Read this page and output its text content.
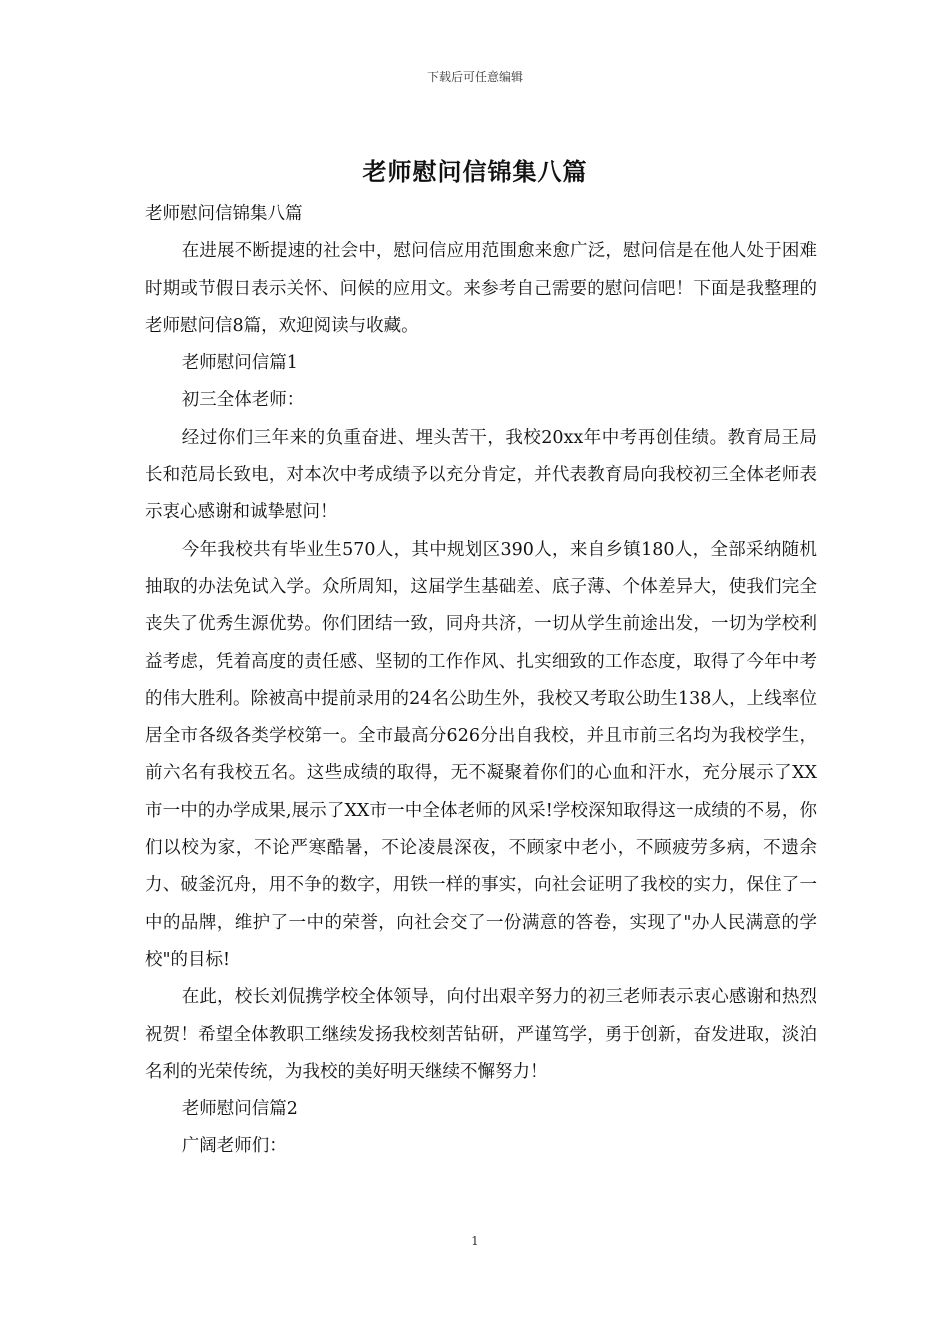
下载后可任意编辑
老师慰问信锦集八篇

老师慰问信锦集八篇

在进展不断提速的社会中，慰问信应用范围愈来愈广泛，慰问信是在他人处于困难时期或节假日表示关怀、问候的应用文。来参考自己需要的慰问信吧！下面是我整理的老师慰问信8篇，欢迎阅读与收藏。

老师慰问信篇1

初三全体老师：

经过你们三年来的负重奋进、埋头苦干，我校20xx年中考再创佳绩。教育局王局长和范局长致电，对本次中考成绩予以充分肯定，并代表教育局向我校初三全体老师表示衷心感谢和诚挚慰问！

今年我校共有毕业生570人，其中规划区390人，来自乡镇180人，全部采纳随机抽取的办法免试入学。众所周知，这届学生基础差、底子薄、个体差异大，使我们完全丧失了优秀生源优势。你们团结一致，同舟共济，一切从学生前途出发，一切为学校利益考虑，凭着高度的责任感、坚韧的工作作风、扎实细致的工作态度，取得了今年中考的伟大胜利。除被高中提前录用的24名公助生外，我校又考取公助生138人，上线率位居全市各级各类学校第一。全市最高分626分出自我校，并且市前三名均为我校学生，前六名有我校五名。这些成绩的取得，无不凝聚着你们的心血和汗水，充分展示了XX市一中的办学成果,展示了XX市一中全体老师的风采!学校深知取得这一成绩的不易，你们以校为家，不论严寒酷暑，不论凌晨深夜，不顾家中老小，不顾疲劳多病，不遗余力、破釜沉舟，用不争的数字，用铁一样的事实，向社会证明了我校的实力，保住了一中的品牌，维护了一中的荣誉，向社会交了一份满意的答卷，实现了"办人民满意的学校"的目标!

在此，校长刘侃携学校全体领导，向付出艰辛努力的初三老师表示衷心感谢和热烈祝贺！希望全体教职工继续发扬我校刻苦钻研，严谨笃学，勇于创新，奋发进取，淡泊名利的光荣传统，为我校的美好明天继续不懈努力！

老师慰问信篇2

广阔老师们：

1
